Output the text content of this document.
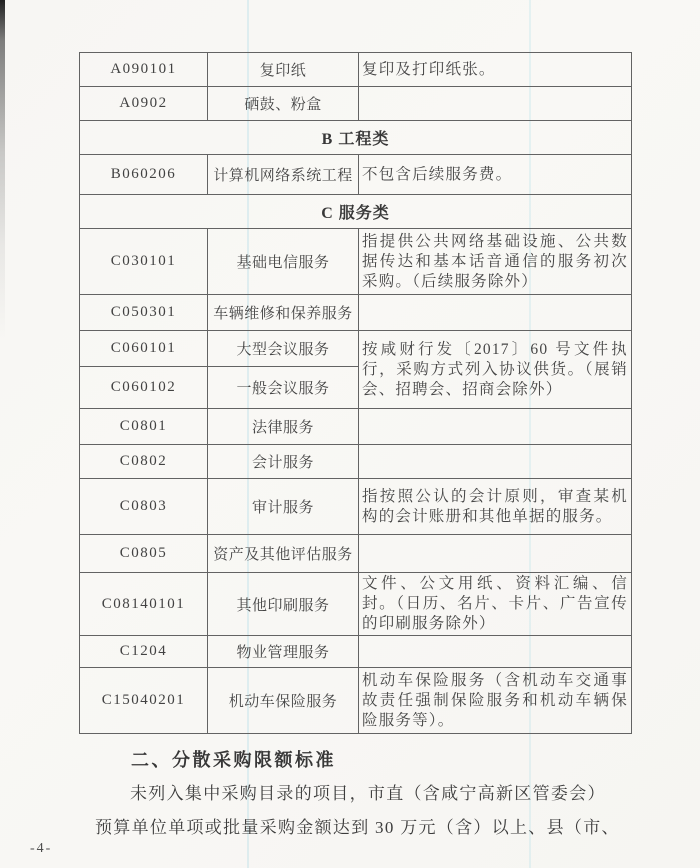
A090101	复印纸	复印及打印纸张。
A0902	硒鼓、粉盒	
B 工程类		
B060206	计算机网络系统工程	不包含后续服务费。
C 服务类		
C030101	基础电信服务	指提供公共网络基础设施、公共数据传达和基本话音通信的服务初次采购。（后续服务除外）
C050301	车辆维修和保养服务	
C060101	大型会议服务	按咸财行发〔2017〕60 号文件执行，采购方式列入协议供货。（展销会、招聘会、招商会除外）
C060102	一般会议服务	
C0801	法律服务	
C0802	会计服务	
C0803	审计服务	指按照公认的会计原则，审查某机构的会计账册和其他单据的服务。
C0805	资产及其他评估服务	
C08140101	其他印刷服务	文件、公文用纸、资料汇编、信封。（日历、名片、卡片、广告宣传的印刷服务除外）
C1204	物业管理服务	
C15040201	机动车保险服务	机动车保险服务（含机动车交通事故责任强制保险服务和机动车辆保险服务等）。
二、分散采购限额标准

未列入集中采购目录的项目，市直（含咸宁高新区管委会）

预算单位单项或批量采购金额达到 30 万元（含）以上、县（市、

-4-
